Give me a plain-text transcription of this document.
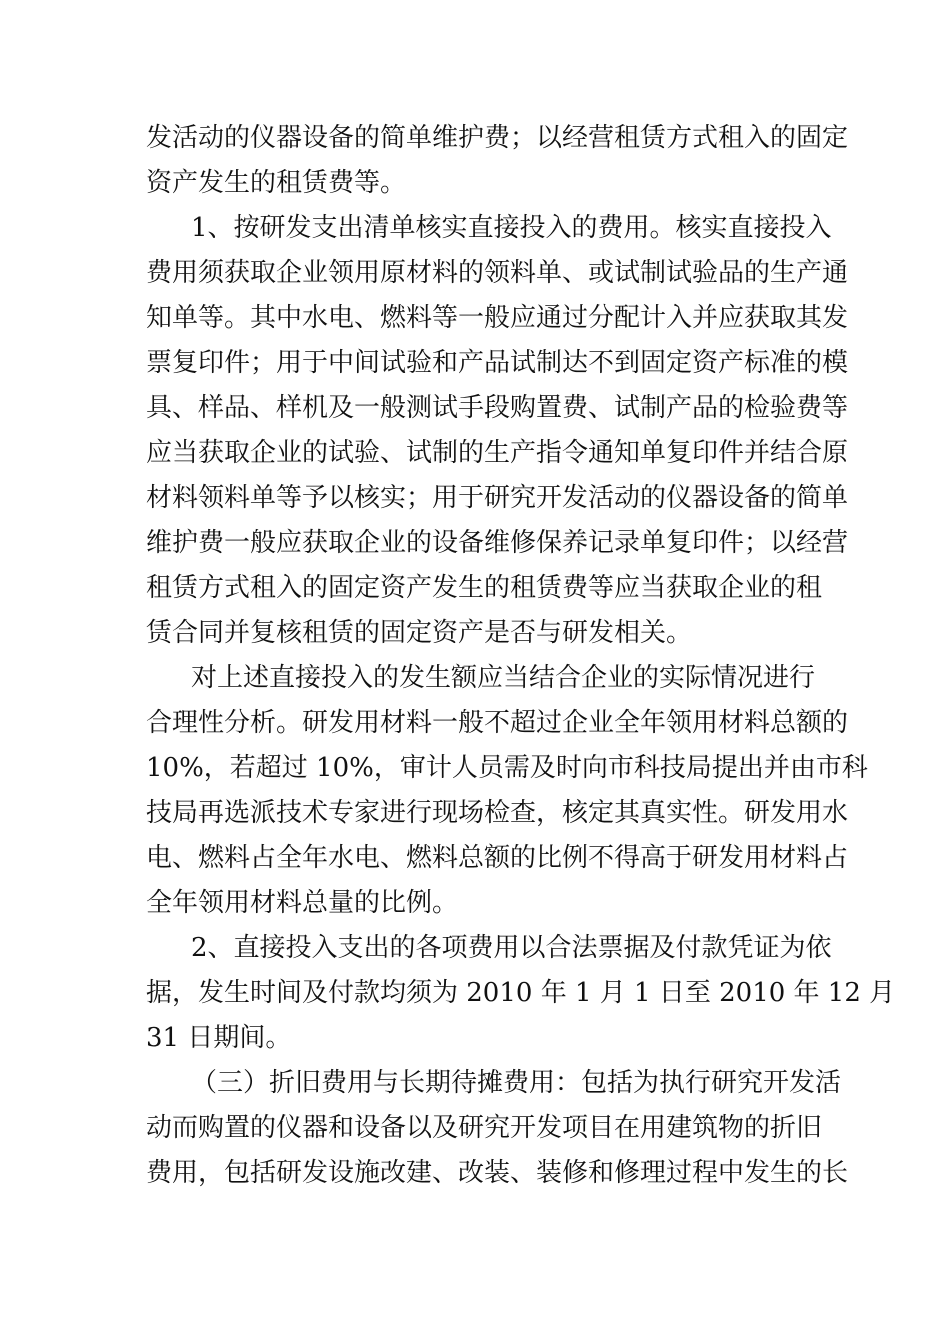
发活动的仪器设备的简单维护费；以经营租赁方式租入的固定
资产发生的租赁费等。
1、按研发支出清单核实直接投入的费用。核实直接投入
费用须获取企业领用原材料的领料单、或试制试验品的生产通
知单等。其中水电、燃料等一般应通过分配计入并应获取其发
票复印件；用于中间试验和产品试制达不到固定资产标准的模
具、样品、样机及一般测试手段购置费、试制产品的检验费等
应当获取企业的试验、试制的生产指令通知单复印件并结合原
材料领料单等予以核实；用于研究开发活动的仪器设备的简单
维护费一般应获取企业的设备维修保养记录单复印件；以经营
租赁方式租入的固定资产发生的租赁费等应当获取企业的租
赁合同并复核租赁的固定资产是否与研发相关。
对上述直接投入的发生额应当结合企业的实际情况进行
合理性分析。研发用材料一般不超过企业全年领用材料总额的
10%，若超过 10%，审计人员需及时向市科技局提出并由市科
技局再选派技术专家进行现场检查，核定其真实性。研发用水
电、燃料占全年水电、燃料总额的比例不得高于研发用材料占
全年领用材料总量的比例。
2、直接投入支出的各项费用以合法票据及付款凭证为依
据，发生时间及付款均须为 2010 年 1 月 1 日至 2010 年 12 月
31 日期间。
（三）折旧费用与长期待摊费用：包括为执行研究开发活
动而购置的仪器和设备以及研究开发项目在用建筑物的折旧
费用，包括研发设施改建、改装、装修和修理过程中发生的长
